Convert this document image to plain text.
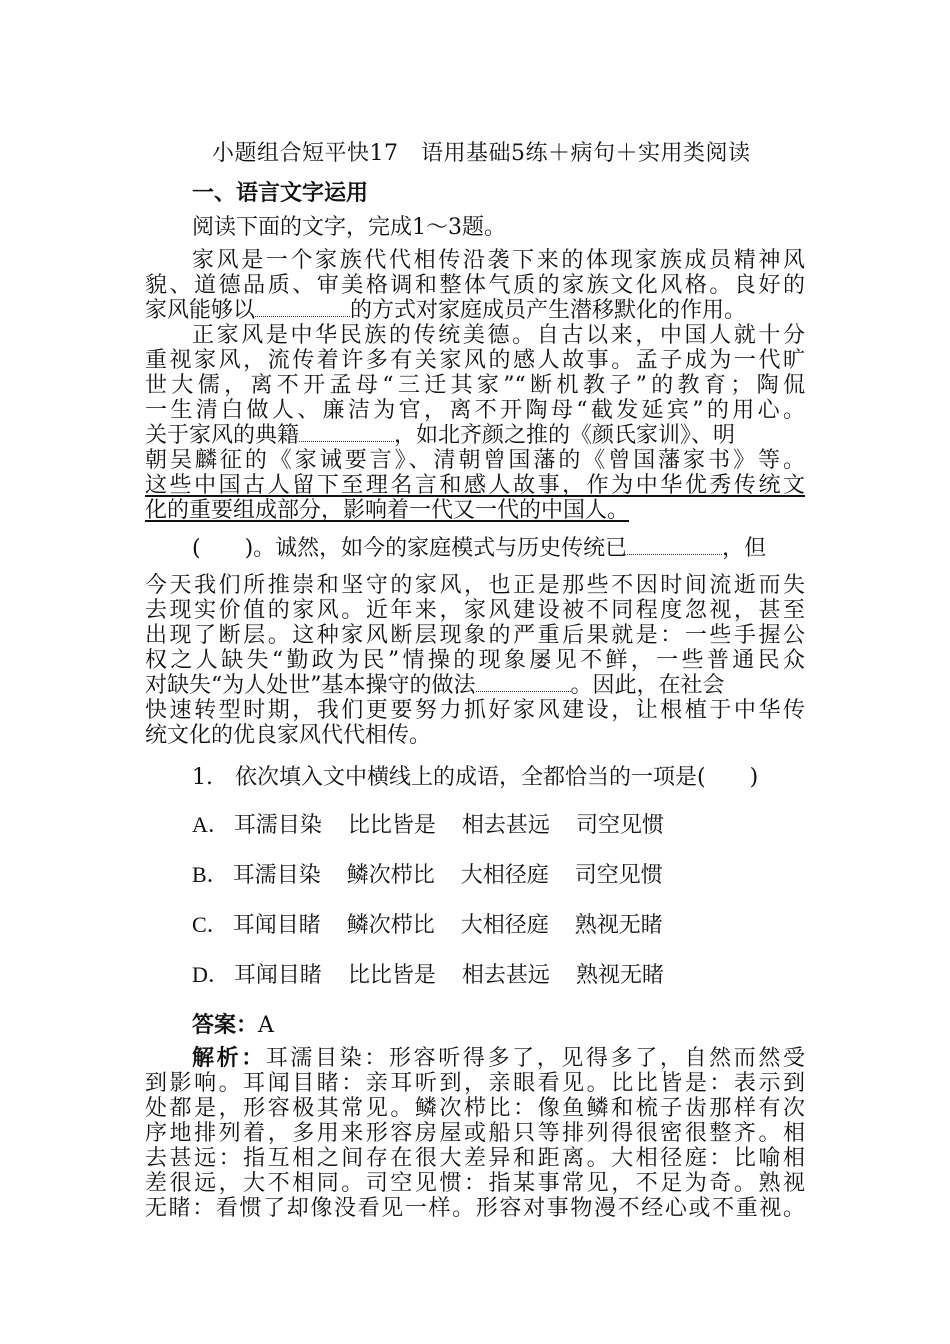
小题组合短平快17　语用基础5练＋病句＋实用类阅读
一、语言文字运用
阅读下面的文字，完成1～3题。
家风是一个家族代代相传沿袭下来的体现家族成员精神风
貌、道德品质、审美格调和整体气质的家族文化风格。良好的
家风能够以	的方式对家庭成员产生潜移默化的作用。
正家风是中华民族的传统美德。自古以来，中国人就十分
重视家风，流传着许多有关家风的感人故事。孟子成为一代旷
世大儒，离不开孟母“三迁其家”“断机教子”的教育；陶侃
一生清白做人、廉洁为官，离不开陶母“截发延宾”的用心。
关于家风的典籍	，如北齐颜之推的《颜氏家训》、明
朝吴麟征的《家诫要言》、清朝曾国藩的《曾国藩家书》等。
这些中国古人留下至理名言和感人故事，作为中华优秀传统文
化的重要组成部分，影响着一代又一代的中国人。
(　　)。诚然，如今的家庭模式与历史传统已	，但
今天我们所推崇和坚守的家风，也正是那些不因时间流逝而失
去现实价值的家风。近年来，家风建设被不同程度忽视，甚至
出现了断层。这种家风断层现象的严重后果就是：一些手握公
权之人缺失“勤政为民”情操的现象屡见不鲜，一些普通民众
对缺失“为人处世”基本操守的做法	。因此，在社会
快速转型时期，我们更要努力抓好家风建设，让根植于中华传
统文化的优良家风代代相传。
1.　依次填入文中横线上的成语，全都恰当的一项是(　　)
A． 耳濡目染 比比皆是 相去甚远 司空见惯
B． 耳濡目染 鳞次栉比 大相径庭 司空见惯
C． 耳闻目睹 鳞次栉比 大相径庭 熟视无睹
D． 耳闻目睹 比比皆是 相去甚远 熟视无睹
答案：A
解析：耳濡目染：形容听得多了，见得多了，自然而然受
到影响。耳闻目睹：亲耳听到，亲眼看见。比比皆是：表示到
处都是，形容极其常见。鳞次栉比：像鱼鳞和梳子齿那样有次
序地排列着，多用来形容房屋或船只等排列得很密很整齐。相
去甚远：指互相之间存在很大差异和距离。大相径庭：比喻相
差很远，大不相同。司空见惯：指某事常见，不足为奇。熟视
无睹：看惯了却像没看见一样。形容对事物漫不经心或不重视。
